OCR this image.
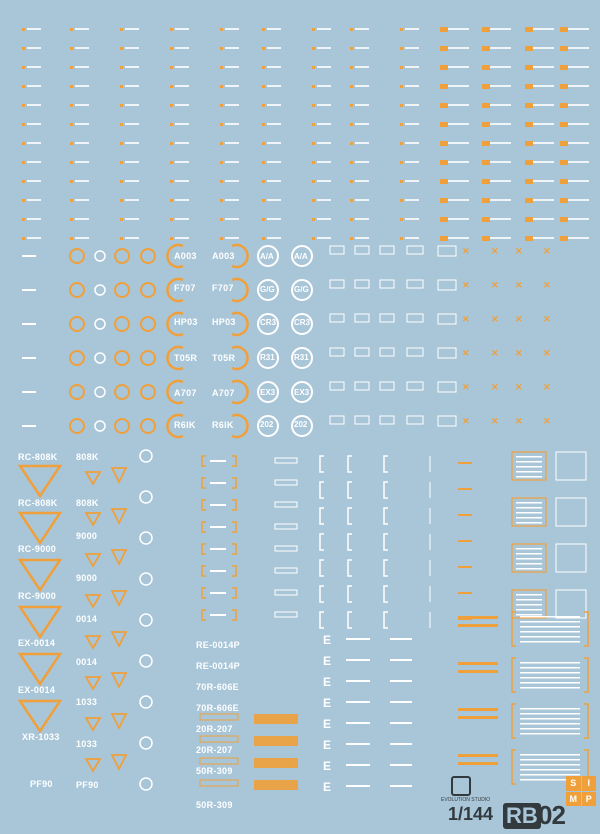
✕ ✕ ✕ ✕
✕ ✕ ✕ ✕
✕ ✕ ✕ ✕
✕ ✕ ✕ ✕
✕ ✕ ✕ ✕
✕ ✕ ✕ ✕
E
E
E
E
E
E
E
E
A003
F707
HP03
T05R
A707
R6IK
A003
F707
HP03
T05R
A707
R6IK
A/A
G/G
CR3
R31
EX3
202
A/A
G/G
CR3
R31
EX3
202
RC-808K
RC-808K
RC-9000
RC-9000
EX-0014
EX-0014
XR-1033
PF90
808K
808K
9000
9000
0014
0014
1033
1033
PF90
RE-0014P
RE-0014P
70R-606E
70R-606E
20R-207
20R-207
50R-309
50R-309	EVOLUTION STUDIO
S	I
M P
1/144 RB 02
